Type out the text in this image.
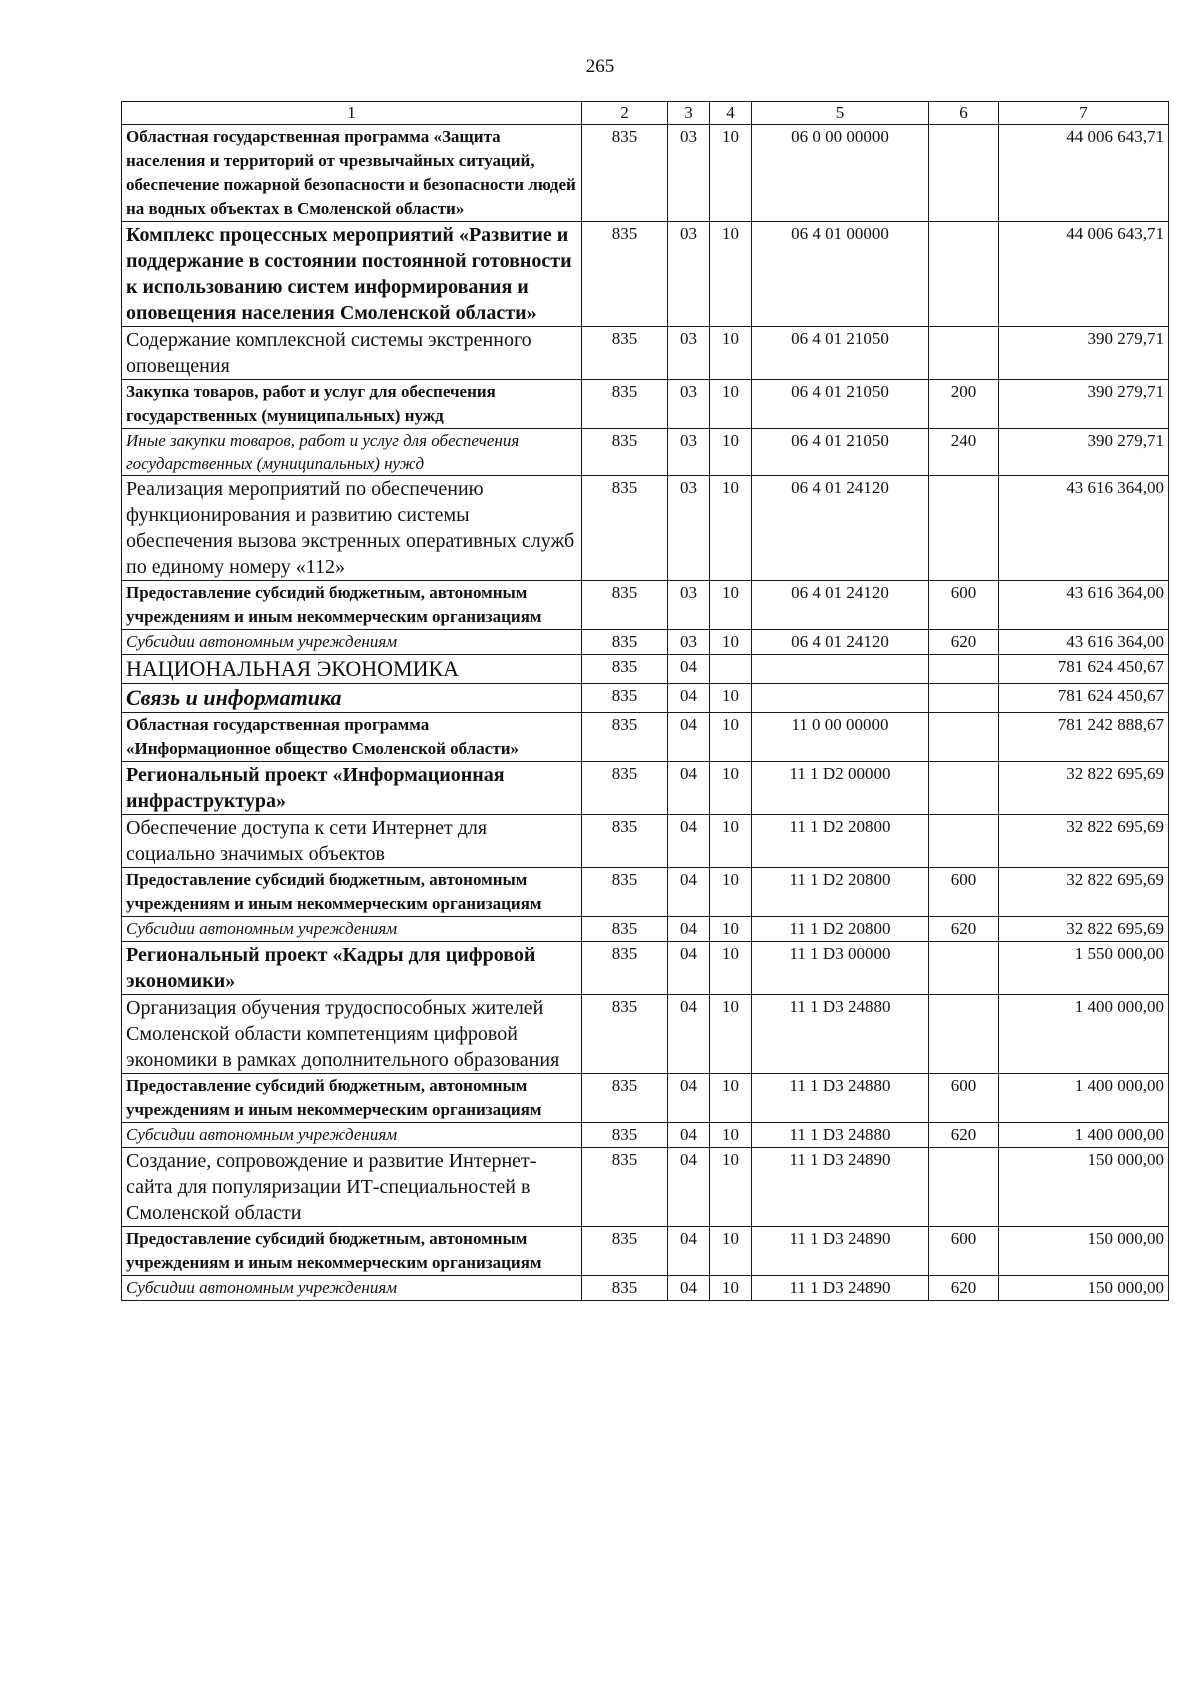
265
1	2	3	4	5	6	7
Областная государственная программа «Защита населения и территорий от чрезвычайных ситуаций, обеспечение пожарной безопасности и безопасности людей на водных объектах в Смоленской области»	835	03	10	06 0 00 00000		44 006 643,71
Комплекс процессных мероприятий «Развитие и поддержание в состоянии постоянной готовности к использованию систем информирования и оповещения населения Смоленской области»	835	03	10	06 4 01 00000		44 006 643,71
Содержание комплексной системы экстренного оповещения	835	03	10	06 4 01 21050		390 279,71
Закупка товаров, работ и услуг для обеспечения государственных (муниципальных) нужд	835	03	10	06 4 01 21050	200	390 279,71
Иные закупки товаров, работ и услуг для обеспечения государственных (муниципальных) нужд	835	03	10	06 4 01 21050	240	390 279,71
Реализация мероприятий по обеспечению функционирования и развитию системы обеспечения вызова экстренных оперативных служб по единому номеру «112»	835	03	10	06 4 01 24120		43 616 364,00
Предоставление субсидий бюджетным, автономным учреждениям и иным некоммерческим организациям	835	03	10	06 4 01 24120	600	43 616 364,00
Субсидии автономным учреждениям	835	03	10	06 4 01 24120	620	43 616 364,00
НАЦИОНАЛЬНАЯ ЭКОНОМИКА	835	04				781 624 450,67
Связь и информатика	835	04	10			781 624 450,67
Областная государственная программа «Информационное общество Смоленской области»	835	04	10	11 0 00 00000		781 242 888,67
Региональный проект «Информационная инфраструктура»	835	04	10	11 1 D2 00000		32 822 695,69
Обеспечение доступа к сети Интернет для социально значимых объектов	835	04	10	11 1 D2 20800		32 822 695,69
Предоставление субсидий бюджетным, автономным учреждениям и иным некоммерческим организациям	835	04	10	11 1 D2 20800	600	32 822 695,69
Субсидии автономным учреждениям	835	04	10	11 1 D2 20800	620	32 822 695,69
Региональный проект «Кадры для цифровой экономики»	835	04	10	11 1 D3 00000		1 550 000,00
Организация обучения трудоспособных жителей Смоленской области компетенциям цифровой экономики в рамках дополнительного образования	835	04	10	11 1 D3 24880		1 400 000,00
Предоставление субсидий бюджетным, автономным учреждениям и иным некоммерческим организациям	835	04	10	11 1 D3 24880	600	1 400 000,00
Субсидии автономным учреждениям	835	04	10	11 1 D3 24880	620	1 400 000,00
Создание, сопровождение и развитие Интернет-сайта для популяризации ИТ-специальностей в Смоленской области	835	04	10	11 1 D3 24890		150 000,00
Предоставление субсидий бюджетным, автономным учреждениям и иным некоммерческим организациям	835	04	10	11 1 D3 24890	600	150 000,00
Субсидии автономным учреждениям	835	04	10	11 1 D3 24890	620	150 000,00
